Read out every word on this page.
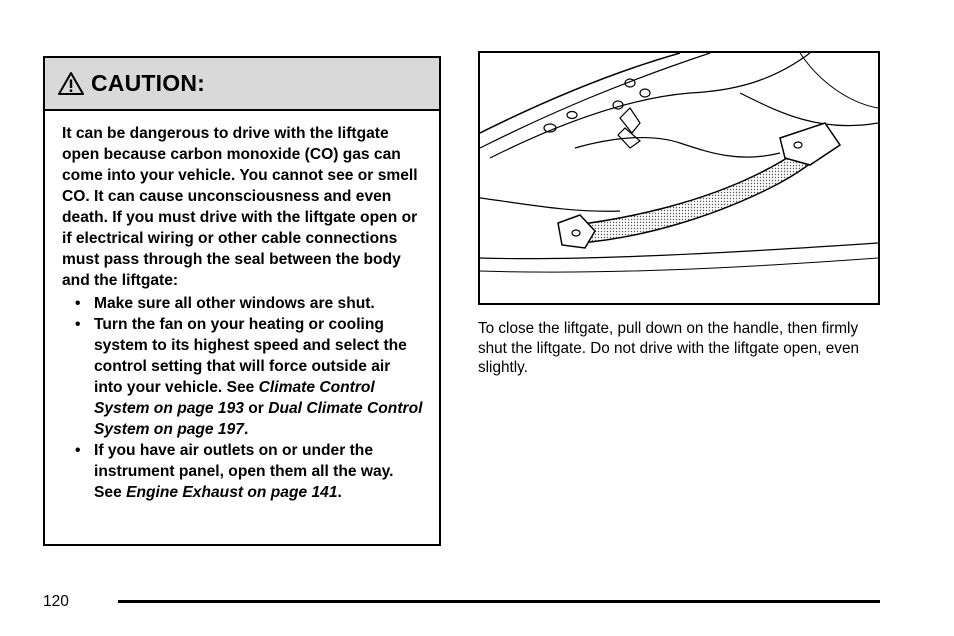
CAUTION:

It can be dangerous to drive with the liftgate open because carbon monoxide (CO) gas can come into your vehicle. You cannot see or smell CO. It can cause unconsciousness and even death. If you must drive with the liftgate open or if electrical wiring or other cable connections must pass through the seal between the body and the liftgate:

• Make sure all other windows are shut.
• Turn the fan on your heating or cooling system to its highest speed and select the control setting that will force outside air into your vehicle. See Climate Control System on page 193 or Dual Climate Control System on page 197.
• If you have air outlets on or under the instrument panel, open them all the way. See Engine Exhaust on page 141.

To close the liftgate, pull down on the handle, then firmly shut the liftgate. Do not drive with the liftgate open, even slightly.

120
